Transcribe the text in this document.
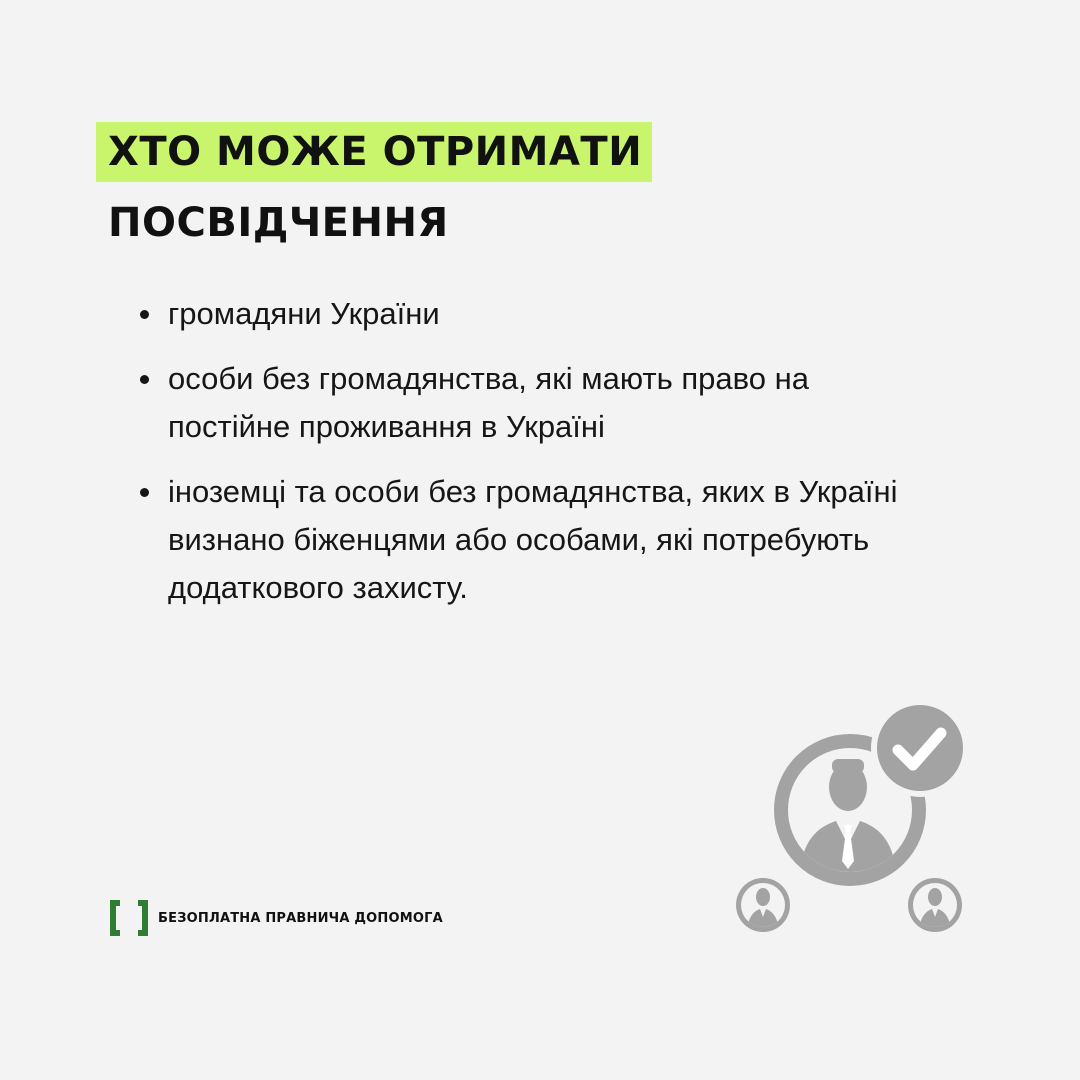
ХТО МОЖЕ ОТРИМАТИ
ПОСВІДЧЕННЯ
громадяни України
особи без громадянства, які мають право на постійне проживання в Україні
іноземці та особи без громадянства, яких в Україні визнано біженцями або особами, які потребують додаткового захисту.
БЕЗОПЛАТНА ПРАВНИЧА ДОПОМОГА
